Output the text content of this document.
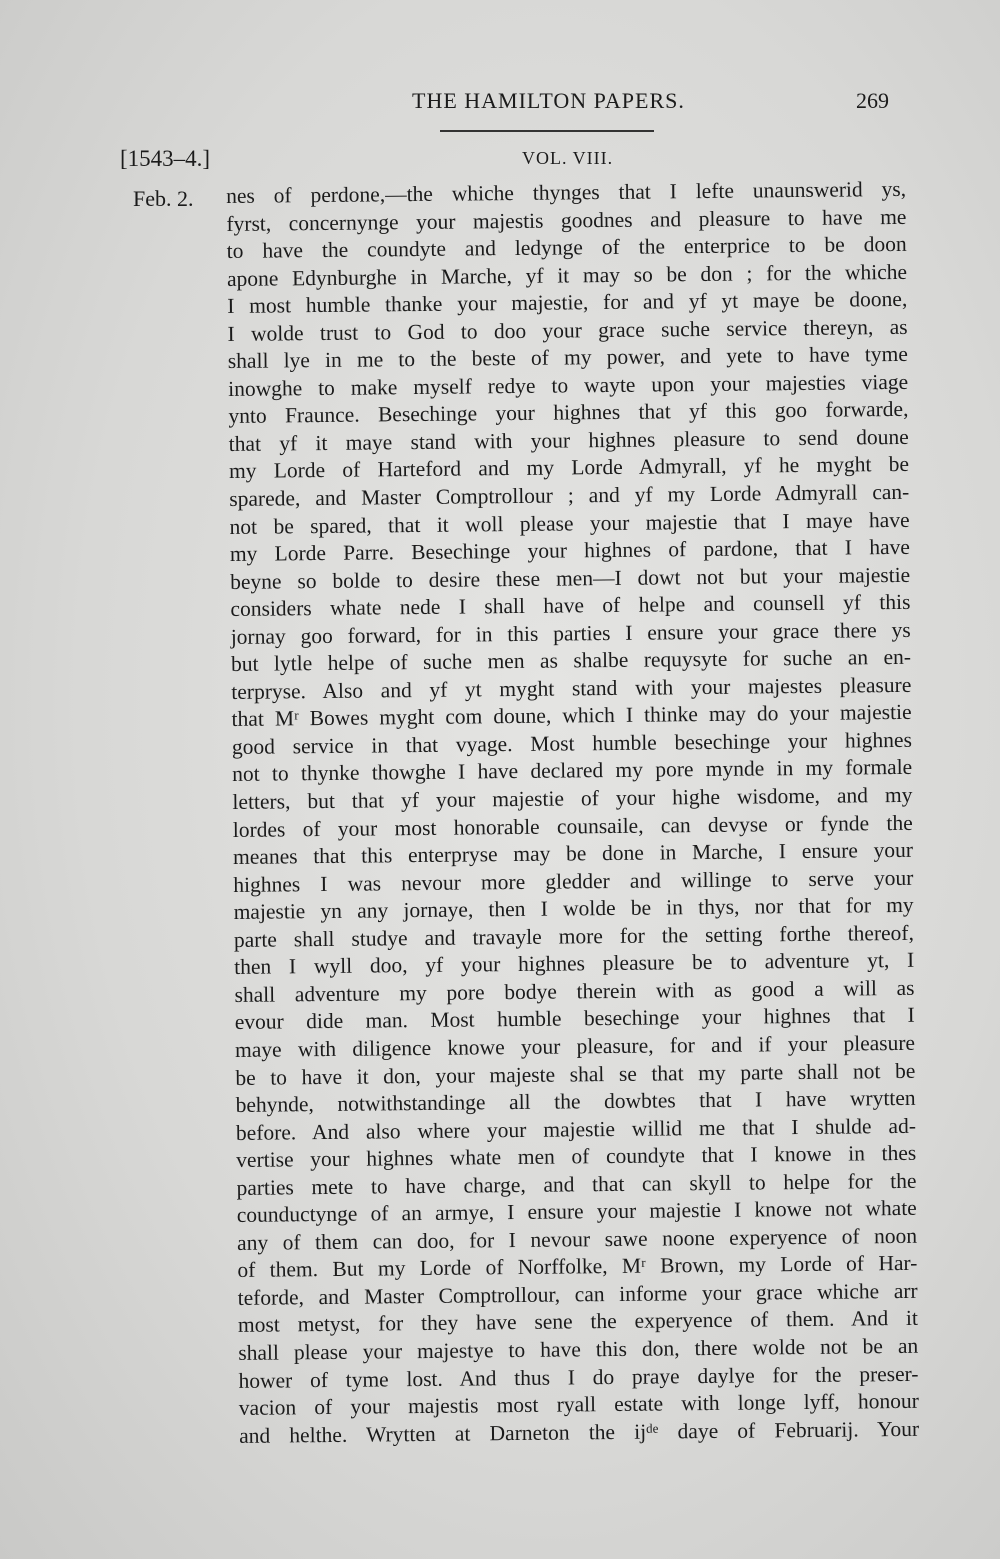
THE HAMILTON PAPERS.	269
[1543–4.]	VOL. VIII.
Feb. 2. nes of perdone,—the whiche thynges that I lefte unaunswerid ys,
fyrst, concernynge your majestis goodnes and pleasure to have me
to have the coundyte and ledynge of the enterprice to be doon
apone Edynburghe in Marche, yf it may so be don ; for the whiche
I most humble thanke your majestie, for and yf yt maye be doone,
I wolde trust to God to doo your grace suche service thereyn, as
shall lye in me to the beste of my power, and yete to have tyme
inowghe to make myself redye to wayte upon your majesties viage
ynto Fraunce. Besechinge your highnes that yf this goo forwarde,
that yf it maye stand with your highnes pleasure to send doune
my Lorde of Harteford and my Lorde Admyrall, yf he myght be
sparede, and Master Comptrollour ; and yf my Lorde Admyrall can-
not be spared, that it woll please your majestie that I maye have
my Lorde Parre. Besechinge your highnes of pardone, that I have
beyne so bolde to desire these men—I dowt not but your majestie
considers whate nede I shall have of helpe and counsell yf this
jornay goo forward, for in this parties I ensure your grace there ys
but lytle helpe of suche men as shalbe requysyte for suche an en-
terpryse. Also and yf yt myght stand with your majestes pleasure
that Mʳ Bowes myght com doune, which I thinke may do your majestie
good service in that vyage. Most humble besechinge your highnes
not to thynke thowghe I have declared my pore mynde in my formale
letters, but that yf your majestie of your highe wisdome, and my
lordes of your most honorable counsaile, can devyse or fynde the
meanes that this enterpryse may be done in Marche, I ensure your
highnes I was nevour more gledder and willinge to serve your
majestie yn any jornaye, then I wolde be in thys, nor that for my
parte shall studye and travayle more for the setting forthe thereof,
then I wyll doo, yf your highnes pleasure be to adventure yt, I
shall adventure my pore bodye therein with as good a will as
evour dide man. Most humble besechinge your highnes that I
maye with diligence knowe your pleasure, for and if your pleasure
be to have it don, your majeste shal se that my parte shall not be
behynde, notwithstandinge all the dowbtes that I have wrytten
before. And also where your majestie willid me that I shulde ad-
vertise your highnes whate men of coundyte that I knowe in thes
parties mete to have charge, and that can skyll to helpe for the
counductynge of an armye, I ensure your majestie I knowe not whate
any of them can doo, for I nevour sawe noone experyence of noon
of them. But my Lorde of Norffolke, Mʳ Brown, my Lorde of Har-
teforde, and Master Comptrollour, can informe your grace whiche arr
most metyst, for they have sene the experyence of them. And it
shall please your majestye to have this don, there wolde not be an
hower of tyme lost. And thus I do praye daylye for the preser-
vacion of your majestis most ryall estate with longe lyff, honour
and helthe. Wrytten at Darneton the ijᵈᵉ daye of Februarij. Your
